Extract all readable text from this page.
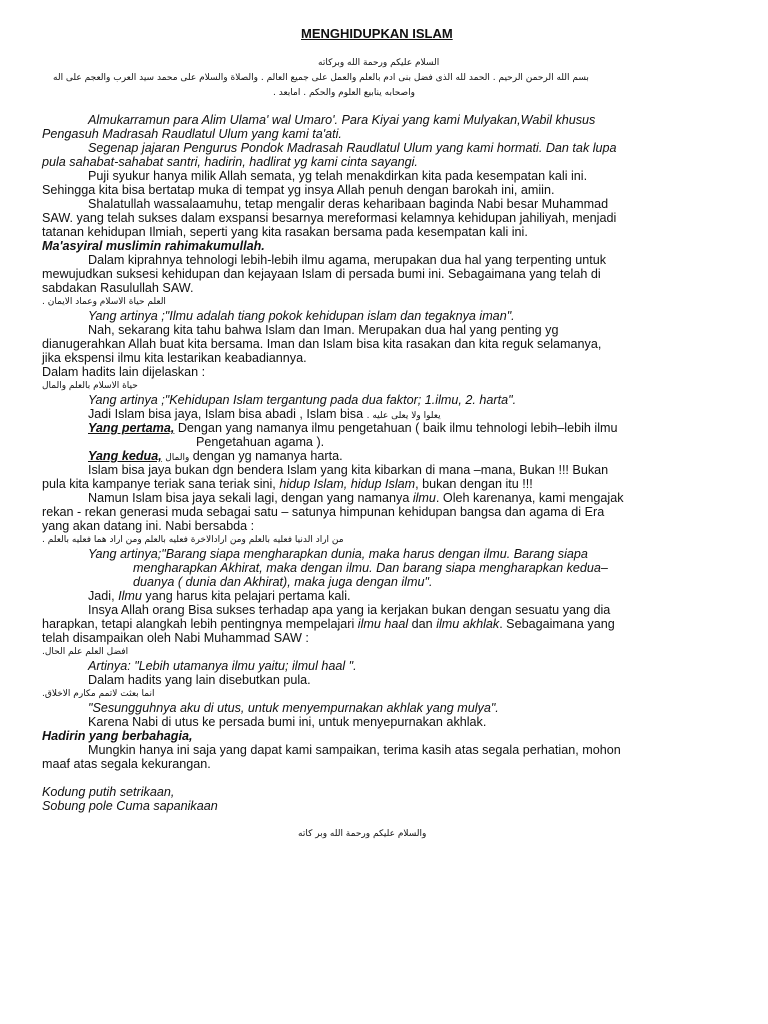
MENGHIDUPKAN ISLAM
السلام عليكم ورحمة الله وبركاته
بسم الله الرحمن الرحيم . الحمد لله الذى فضل بنى ادم بالعلم والعمل على جميع العالم . والصلاة والسلام على محمد سيد العرب والعجم على اله
واصحابه ينابيع العلوم والحكم . امابعد .
Almukarramun para Alim Ulama' wal Umaro'. Para Kiyai yang kami Mulyakan,Wabil khusus
Pengasuh Madrasah Raudlatul Ulum yang kami ta'ati.
Segenap jajaran Pengurus Pondok Madrasah Raudlatul Ulum yang kami hormati. Dan tak lupa
pula sahabat-sahabat santri, hadirin, hadlirat yg kami cinta sayangi.
Puji syukur hanya milik Allah semata, yg telah menakdirkan kita pada kesempatan kali ini.
Sehingga kita bisa bertatap muka di tempat yg insya Allah penuh dengan barokah ini, amiin.
Shalatullah wassalaamuhu, tetap mengalir deras keharibaan baginda Nabi besar Muhammad
SAW. yang telah sukses dalam exspansi besarnya mereformasi kelamnya kehidupan jahiliyah, menjadi
tatanan kehidupan Ilmiah, seperti yang kita rasakan bersama pada kesempatan kali ini.
Ma'asyiral muslimin rahimakumullah.
Dalam kiprahnya tehnologi lebih-lebih ilmu agama, merupakan dua hal yang terpenting untuk
mewujudkan suksesi kehidupan dan kejayaan Islam di persada bumi ini. Sebagaimana yang telah di
sabdakan Rasulullah SAW.
العلم حياة الاسلام وعماد الايمان .
Yang artinya ;"Ilmu adalah tiang pokok kehidupan islam dan tegaknya iman".
Nah, sekarang kita tahu bahwa Islam dan Iman. Merupakan dua hal yang penting yg
dianugerahkan Allah buat kita bersama. Iman dan Islam bisa kita rasakan dan kita reguk selamanya,
jika ekspensi ilmu kita lestarikan keabadiannya.
Dalam hadits lain dijelaskan :
حياة الاسلام بالعلم والمال
Yang artinya ;"Kehidupan Islam tergantung pada dua faktor; 1.ilmu, 2. harta".
Jadi Islam bisa jaya, Islam bisa abadi , Islam bisa يعلوا ولا يعلى عليه .
Yang pertama, Dengan yang namanya ilmu pengetahuan ( baik ilmu tehnologi lebih–lebih ilmu
Pengetahuan agama ).
Yang kedua, والمال dengan yg namanya harta.
Islam bisa jaya bukan dgn bendera Islam yang kita kibarkan di mana –mana, Bukan !!! Bukan
pula kita kampanye teriak sana teriak sini, hidup Islam, hidup Islam, bukan dengan itu !!!
Namun Islam bisa jaya sekali lagi, dengan yang namanya ilmu. Oleh karenanya, kami mengajak
rekan - rekan generasi muda sebagai satu – satunya himpunan kehidupan bangsa dan agama di Era
yang akan datang ini. Nabi bersabda :
من اراد الدنيا فعليه بالعلم ومن ارادالاخرة فعليه بالعلم ومن اراد هما فعليه بالعلم .
Yang artinya;"Barang siapa mengharapkan dunia, maka harus dengan ilmu. Barang siapa
mengharapkan Akhirat, maka dengan ilmu. Dan barang siapa mengharapkan kedua–
duanya ( dunia dan Akhirat), maka juga dengan ilmu".
Jadi, Ilmu yang harus kita pelajari pertama kali.
Insya Allah orang Bisa sukses terhadap apa yang ia kerjakan bukan dengan sesuatu yang dia
harapkan, tetapi alangkah lebih pentingnya mempelajari ilmu haal dan ilmu akhlak. Sebagaimana yang
telah disampaikan oleh Nabi Muhammad SAW :
افضل العلم علم الحال.
Artinya: "Lebih utamanya ilmu yaitu; ilmul haal ".
Dalam hadits yang lain disebutkan pula.
انما بعثت لاتمم مكارم الاخلاق.
"Sesungguhnya aku di utus, untuk menyempurnakan akhlak yang mulya".
Karena Nabi di utus ke persada bumi ini, untuk menyepurnakan akhlak.
Hadirin yang berbahagia,
Mungkin hanya ini saja yang dapat kami sampaikan, terima kasih atas segala perhatian, mohon
maaf atas segala kekurangan.
Kodung putih setrikaan,
Sobung pole Cuma sapanikaan
والسلام عليكم ورحمة الله وبر كاته
